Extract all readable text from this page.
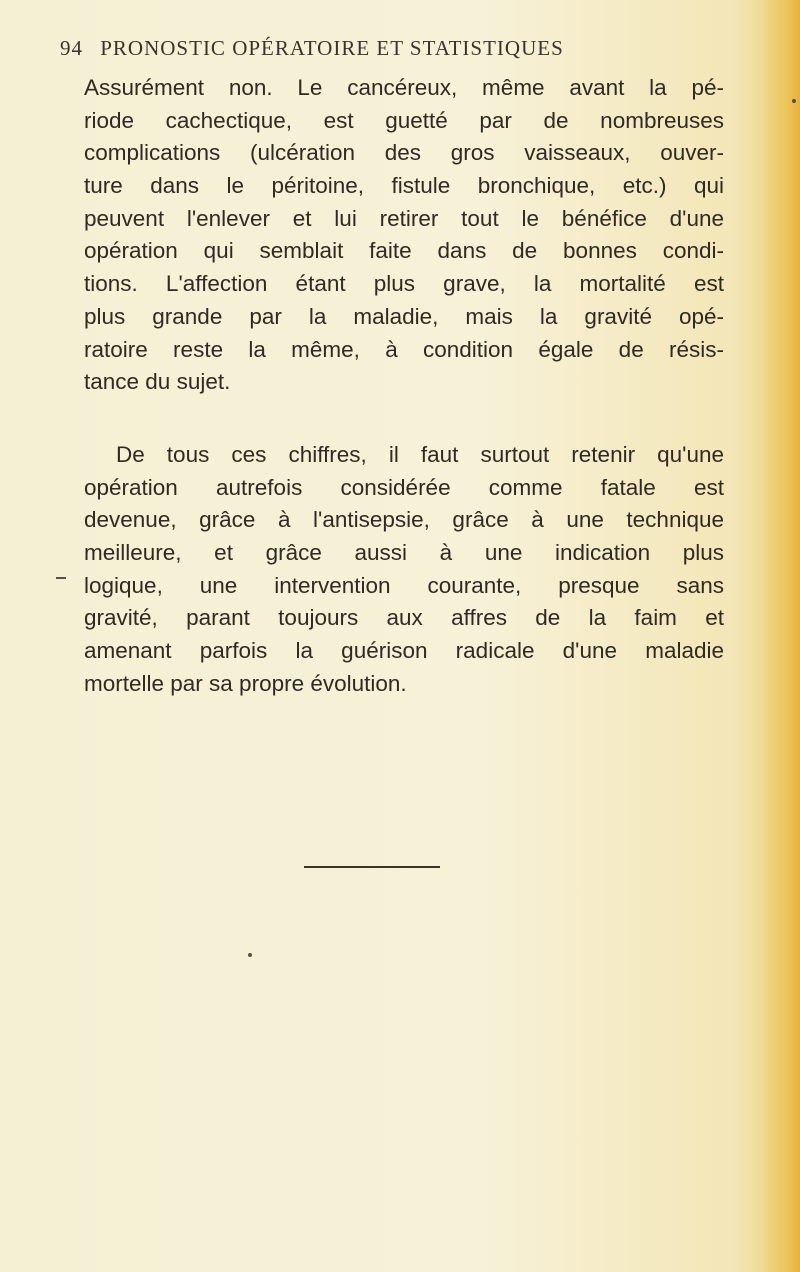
94 PRONOSTIC OPÉRATOIRE ET STATISTIQUES
Assurément non. Le cancéreux, même avant la pé-
riode cachectique, est guetté par de nombreuses
complications (ulcération des gros vaisseaux, ouver-
ture dans le péritoine, fistule bronchique, etc.) qui
peuvent l'enlever et lui retirer tout le bénéfice d'une
opération qui semblait faite dans de bonnes condi-
tions. L'affection étant plus grave, la mortalité est
plus grande par la maladie, mais la gravité opé-
ratoire reste la même, à condition égale de résis-
tance du sujet.
De tous ces chiffres, il faut surtout retenir qu'une
opération autrefois considérée comme fatale est
devenue, grâce à l'antisepsie, grâce à une technique
meilleure, et grâce aussi à une indication plus
logique, une intervention courante, presque sans
gravité, parant toujours aux affres de la faim et
amenant parfois la guérison radicale d'une maladie
mortelle par sa propre évolution.
